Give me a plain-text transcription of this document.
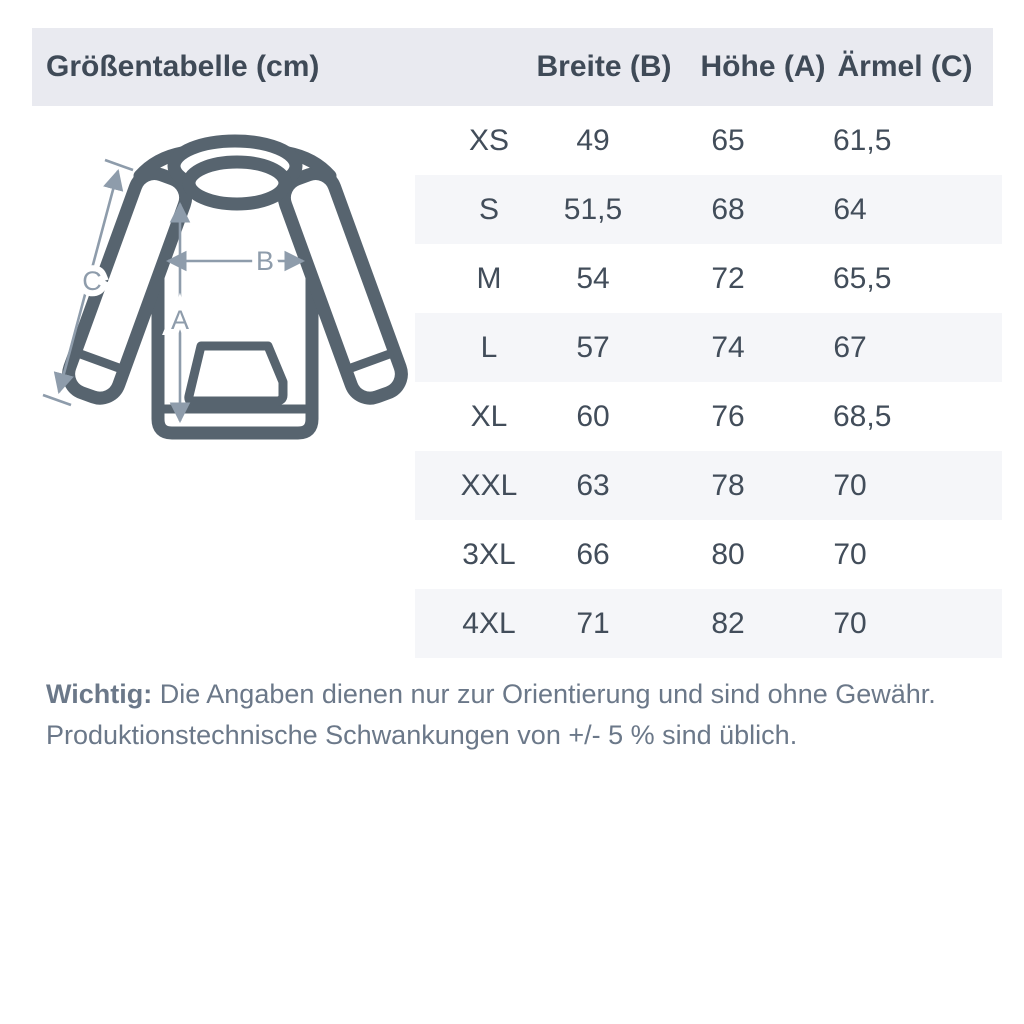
Größentabelle (cm)	Breite (B) Höhe (A) Ärmel (C)
A
B
C
XS	49	65	61,5
S	51,5	68	64
M	54	72	65,5
L	57	74	67
XL	60	76	68,5
XXL	63	78	70
3XL	66	80	70
4XL	71	82	70
Wichtig: Die Angaben dienen nur zur Orientierung und sind ohne Gewähr.
Produktionstechnische Schwankungen von +/- 5 % sind üblich.
